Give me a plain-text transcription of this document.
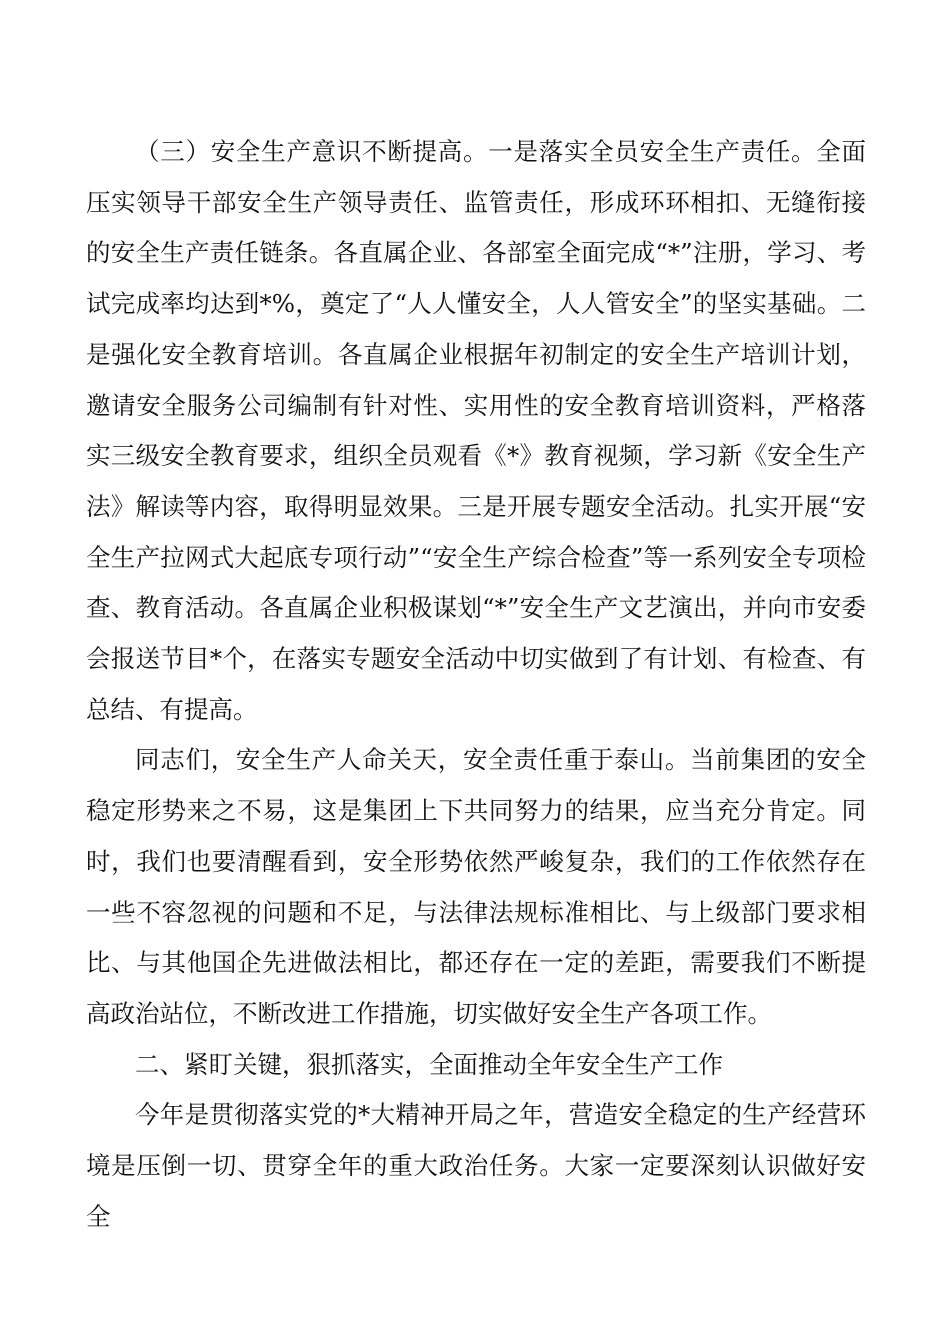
（三）安全生产意识不断提高。一是落实全员安全生产责任。全面压实领导干部安全生产领导责任、监管责任，形成环环相扣、无缝衔接的安全生产责任链条。各直属企业、各部室全面完成“*”注册，学习、考试完成率均达到*%，奠定了“人人懂安全，人人管安全”的坚实基础。二是强化安全教育培训。各直属企业根据年初制定的安全生产培训计划，邀请安全服务公司编制有针对性、实用性的安全教育培训资料，严格落实三级安全教育要求，组织全员观看《*》教育视频，学习新《安全生产法》解读等内容，取得明显效果。三是开展专题安全活动。扎实开展“安全生产拉网式大起底专项行动”“安全生产综合检查”等一系列安全专项检查、教育活动。各直属企业积极谋划“*”安全生产文艺演出，并向市安委会报送节目*个，在落实专题安全活动中切实做到了有计划、有检查、有总结、有提高。

同志们，安全生产人命关天，安全责任重于泰山。当前集团的安全稳定形势来之不易，这是集团上下共同努力的结果，应当充分肯定。同时，我们也要清醒看到，安全形势依然严峻复杂，我们的工作依然存在一些不容忽视的问题和不足，与法律法规标准相比、与上级部门要求相比、与其他国企先进做法相比，都还存在一定的差距，需要我们不断提高政治站位，不断改进工作措施，切实做好安全生产各项工作。

二、紧盯关键，狠抓落实，全面推动全年安全生产工作

今年是贯彻落实党的*大精神开局之年，营造安全稳定的生产经营环境是压倒一切、贯穿全年的重大政治任务。大家一定要深刻认识做好安全
